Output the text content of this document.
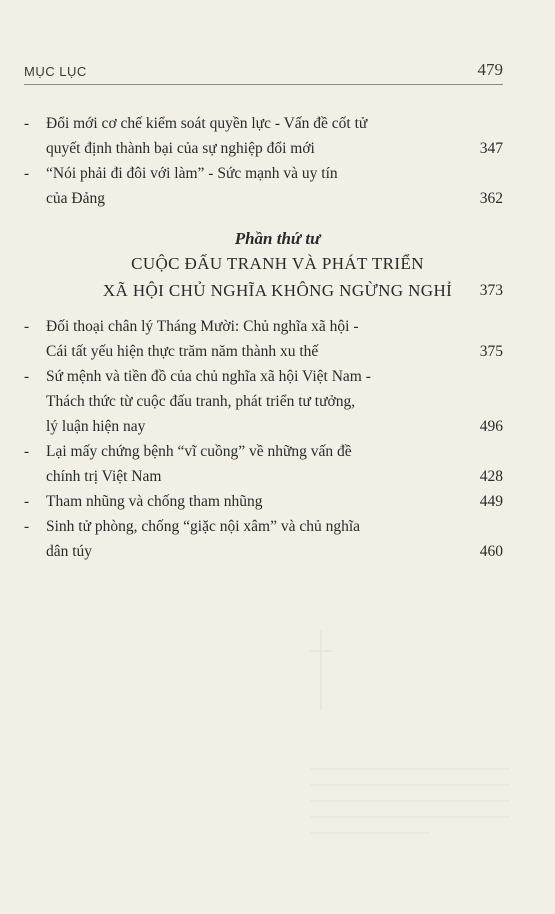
MỤC LỤC	479
- Đổi mới cơ chế kiểm soát quyền lực - Vấn đề cốt tử
quyết định thành bại của sự nghiệp đổi mới	347
- “Nói phải đi đôi với làm” - Sức mạnh và uy tín
của Đảng	362
Phần thứ tư
CUỘC ĐẤU TRANH VÀ PHÁT TRIỂN
XÃ HỘI CHỦ NGHĨA KHÔNG NGỪNG NGHỈ	373
- Đối thoại chân lý Tháng Mười: Chủ nghĩa xã hội -
Cái tất yếu hiện thực trăm năm thành xu thế	375
- Sứ mệnh và tiền đồ của chủ nghĩa xã hội Việt Nam -
Thách thức từ cuộc đấu tranh, phát triển tư tưởng,
lý luận hiện nay	496
- Lại mấy chứng bệnh “vĩ cuồng” về những vấn đề
chính trị Việt Nam	428
- Tham nhũng và chống tham nhũng	449
- Sinh tử phòng, chống “giặc nội xâm” và chủ nghĩa
dân túy	460
